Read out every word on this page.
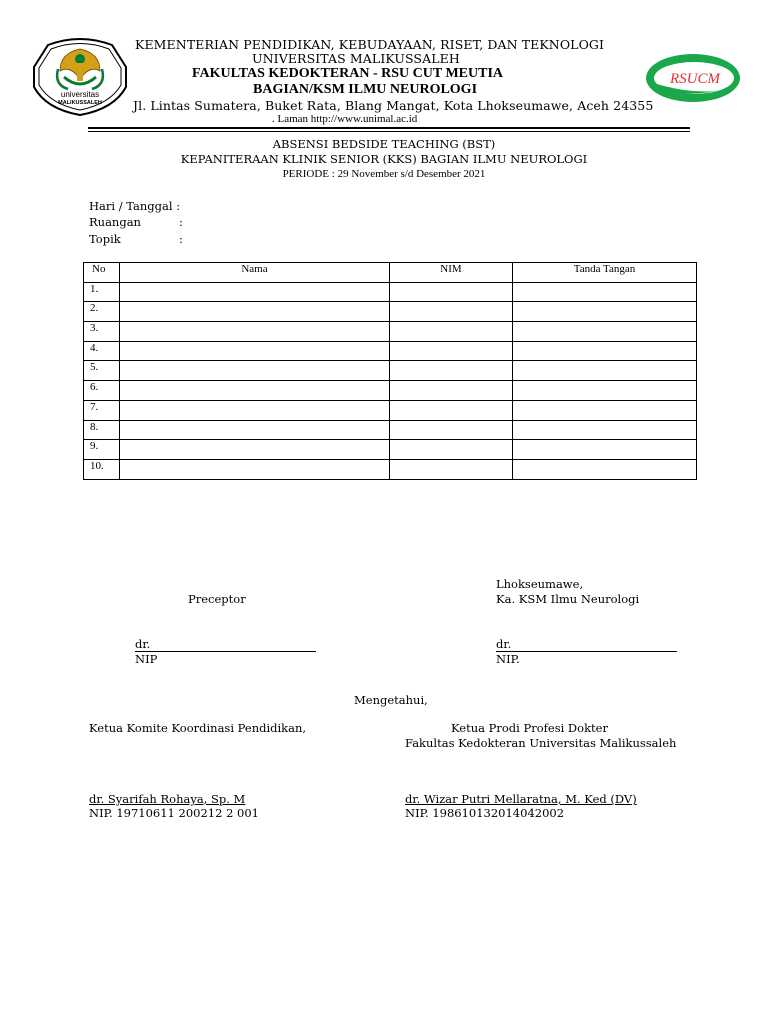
universitas
MALIKUSSALEH
RSUCM
KEMENTERIAN PENDIDIKAN, KEBUDAYAAN, RISET, DAN TEKNOLOGI
UNIVERSITAS MALIKUSSALEH
FAKULTAS KEDOKTERAN - RSU CUT MEUTIA
BAGIAN/KSM ILMU NEUROLOGI
Jl. Lintas Sumatera, Buket Rata, Blang Mangat, Kota Lhokseumawe, Aceh 24355
. Laman http://www.unimal.ac.id
ABSENSI BEDSIDE TEACHING (BST)
KEPANITERAAN KLINIK SENIOR (KKS) BAGIAN ILMU NEUROLOGI
PERIODE : 29 November s/d Desember 2021
Hari / Tanggal :
Ruangan	:
Topik	:
No	Nama	NIM	Tanda Tangan
1.			
2.			
3.			
4.			
5.			
6.			
7.			
8.			
9.			
10.			
Lhokseumawe,
Preceptor	Ka. KSM Ilmu Neurologi
dr.
NIP
dr.
NIP.
Mengetahui,
Ketua Komite Koordinasi Pendidikan,	Ketua Prodi Profesi Dokter
Fakultas Kedokteran Universitas Malikussaleh
dr. Syarifah Rohaya, Sp. M
NIP. 19710611 200212 2 001
dr. Wizar Putri Mellaratna, M. Ked (DV)
NIP. 198610132014042002
